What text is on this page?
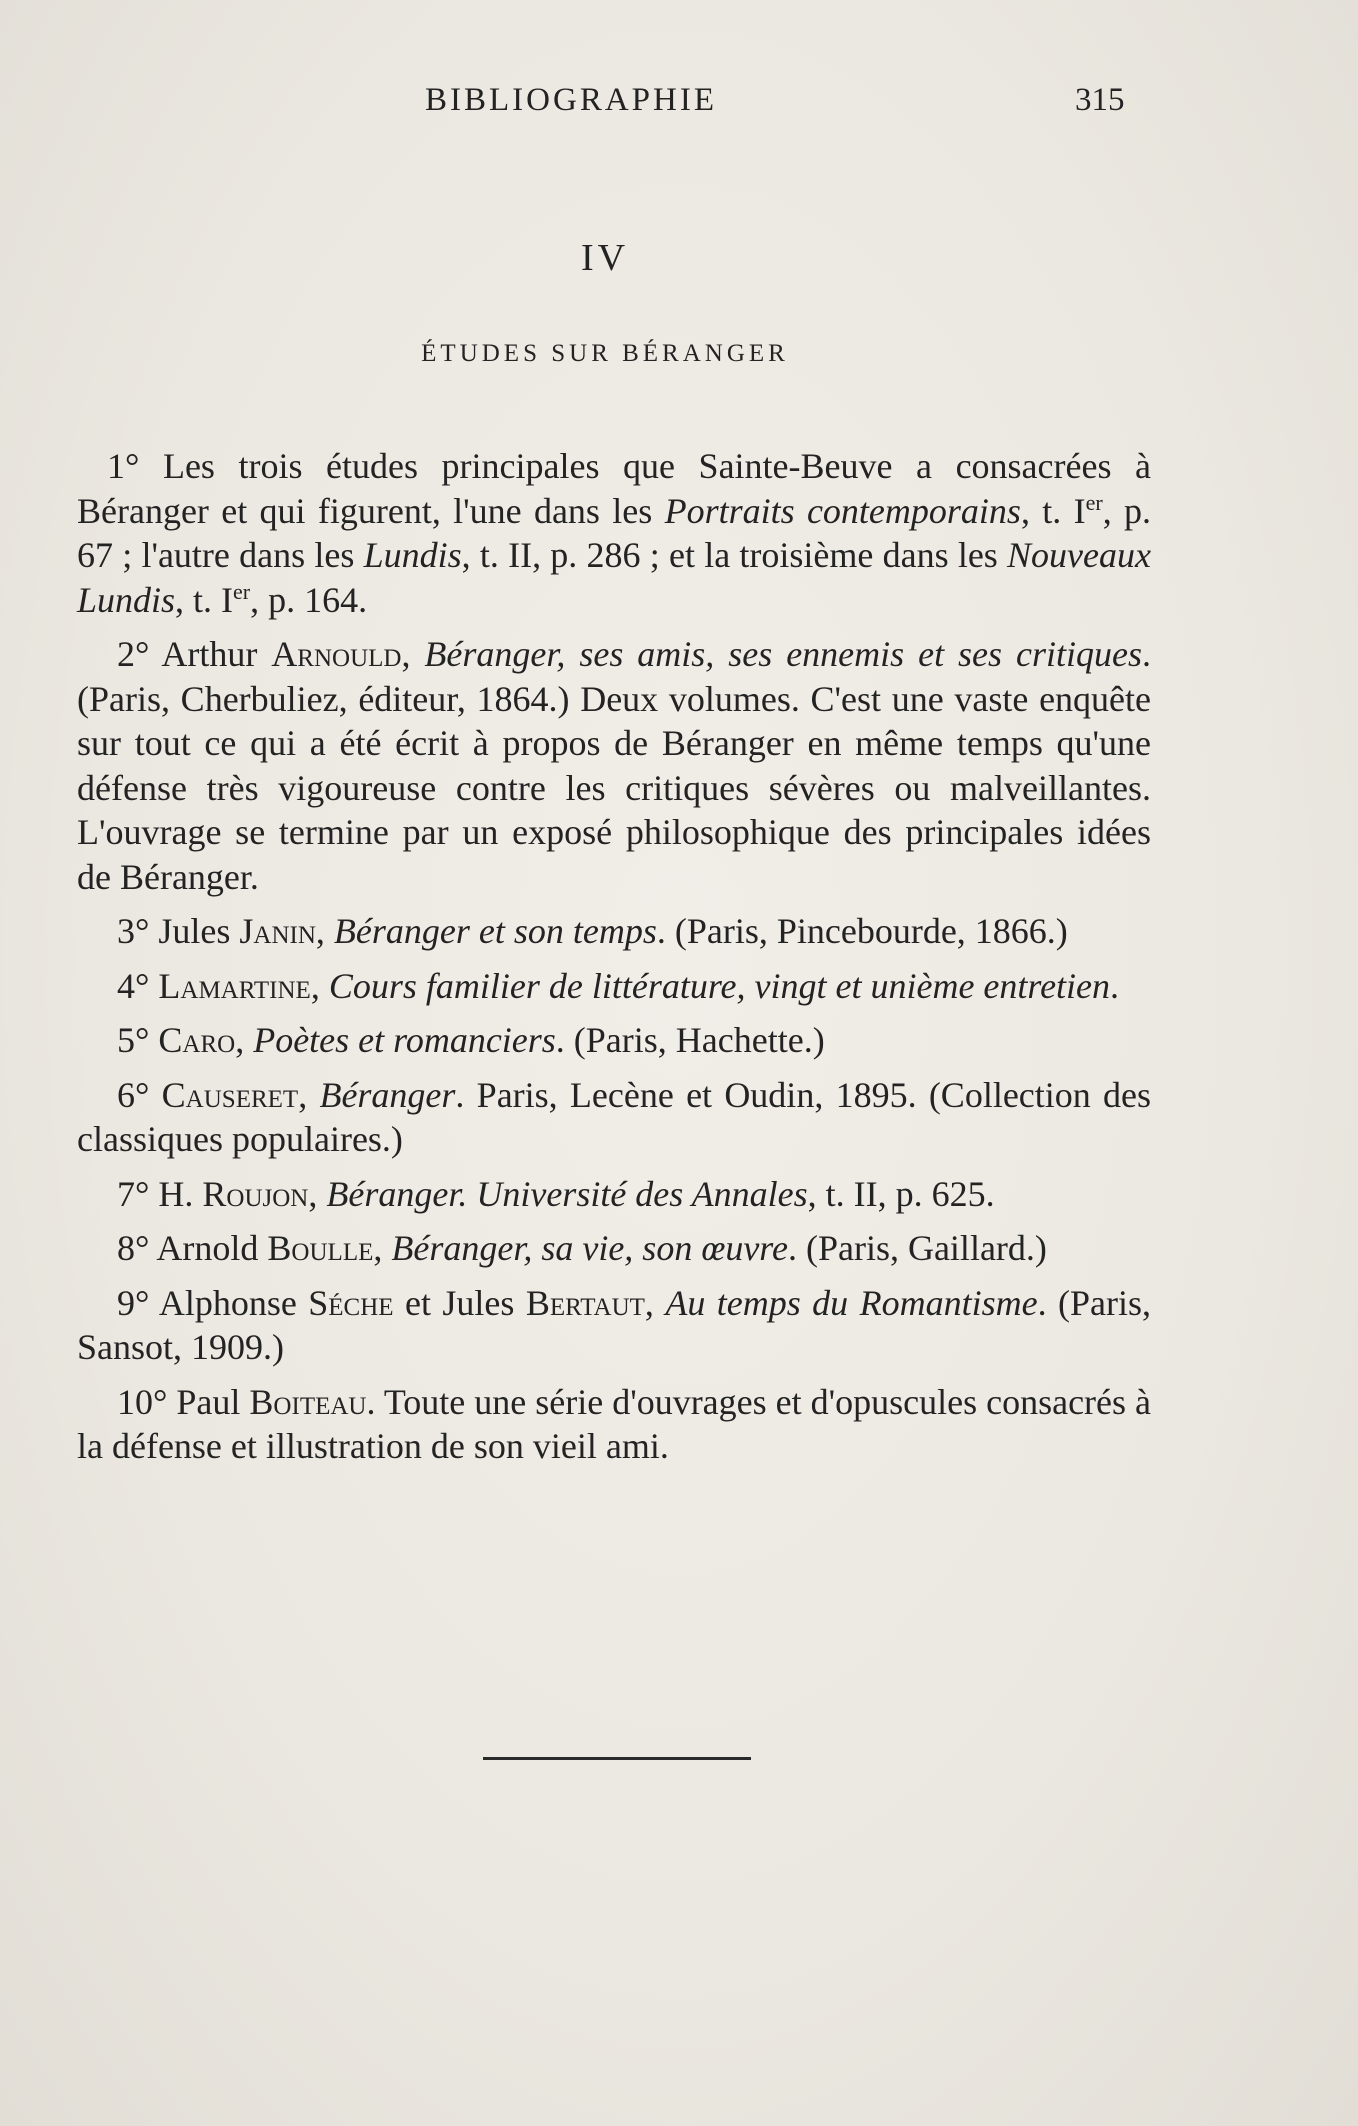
BIBLIOGRAPHIE	315
IV
ÉTUDES SUR BÉRANGER

1° Les trois études principales que Sainte-Beuve a consacrées à Béranger et qui figurent, l'une dans les Portraits contemporains, t. Ier, p. 67 ; l'autre dans les Lundis, t. II, p. 286 ; et la troisième dans les Nouveaux Lundis, t. Ier, p. 164.

2° Arthur Arnould, Béranger, ses amis, ses ennemis et ses critiques. (Paris, Cherbuliez, éditeur, 1864.) Deux volumes. C'est une vaste enquête sur tout ce qui a été écrit à propos de Béranger en même temps qu'une défense très vigoureuse contre les critiques sévères ou malveillantes. L'ouvrage se termine par un exposé philosophique des principales idées de Béranger.

3° Jules Janin, Béranger et son temps. (Paris, Pincebourde, 1866.)

4° Lamartine, Cours familier de littérature, vingt et unième entretien.

5° Caro, Poètes et romanciers. (Paris, Hachette.)

6° Causeret, Béranger. Paris, Lecène et Oudin, 1895. (Collection des classiques populaires.)

7° H. Roujon, Béranger. Université des Annales, t. II, p. 625.

8° Arnold Boulle, Béranger, sa vie, son œuvre. (Paris, Gaillard.)

9° Alphonse Séche et Jules Bertaut, Au temps du Romantisme. (Paris, Sansot, 1909.)

10° Paul Boiteau. Toute une série d'ouvrages et d'opuscules consacrés à la défense et illustration de son vieil ami.
